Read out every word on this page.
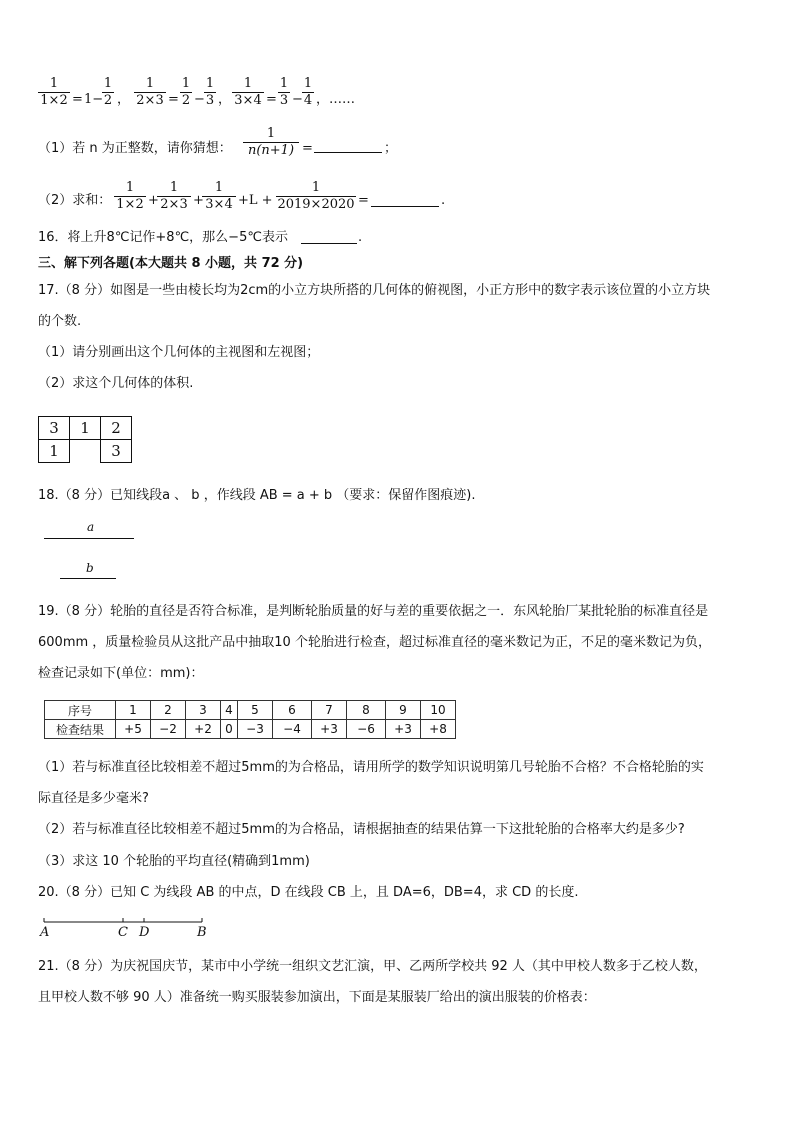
1
1×2 = 1−
1
2 ，
1
2×3 =
1
2 −
1
3 ，
1
3×4 =
1
3 −
1
4 ，……
（1）若 n 为正整数，请你猜想：
1
n(n+1) =	；
（2）求和：
1
1×2 +
1
2×3 +
1
3×4 +L +
1
2019×2020 =	.
16．将上升8℃记作+8℃，那么−5℃表示	.
三、解下列各题(本大题共 8 小题，共 72 分)
17.（8 分）如图是一些由棱长均为2cm的小立方块所搭的几何体的俯视图，小正方形中的数字表示该位置的小立方块
的个数.
（1）请分别画出这个几何体的主视图和左视图；
（2）求这个几何体的体积.
3	1	2
1		3
18.（8 分）已知线段a 、 b ，作线段 AB = a + b （要求：保留作图痕迹).
a
b
19.（8 分）轮胎的直径是否符合标准，是判断轮胎质量的好与差的重要依据之一．东风轮胎厂某批轮胎的标准直径是
600mm ，质量检验员从这批产品中抽取10 个轮胎进行检查，超过标准直径的毫米数记为正，不足的毫米数记为负，
检查记录如下(单位：mm)：
序号	1	2	3	4	5	6	7	8	9	10
检查结果	+5	−2	+2	0	−3	−4	+3	−6	+3	+8
（1）若与标准直径比较相差不超过5mm的为合格品，请用所学的数学知识说明第几号轮胎不合格？不合格轮胎的实
际直径是多少毫米?
（2）若与标准直径比较相差不超过5mm的为合格品，请根据抽查的结果估算一下这批轮胎的合格率大约是多少?
（3）求这 10 个轮胎的平均直径(精确到1mm)
20.（8 分）已知 C 为线段 AB 的中点，D 在线段 CB 上，且 DA=6，DB=4，求 CD 的长度.
A	C D	B
21.（8 分）为庆祝国庆节，某市中小学统一组织文艺汇演，甲、乙两所学校共 92 人（其中甲校人数多于乙校人数，
且甲校人数不够 90 人）准备统一购买服装参加演出，下面是某服装厂给出的演出服装的价格表：
